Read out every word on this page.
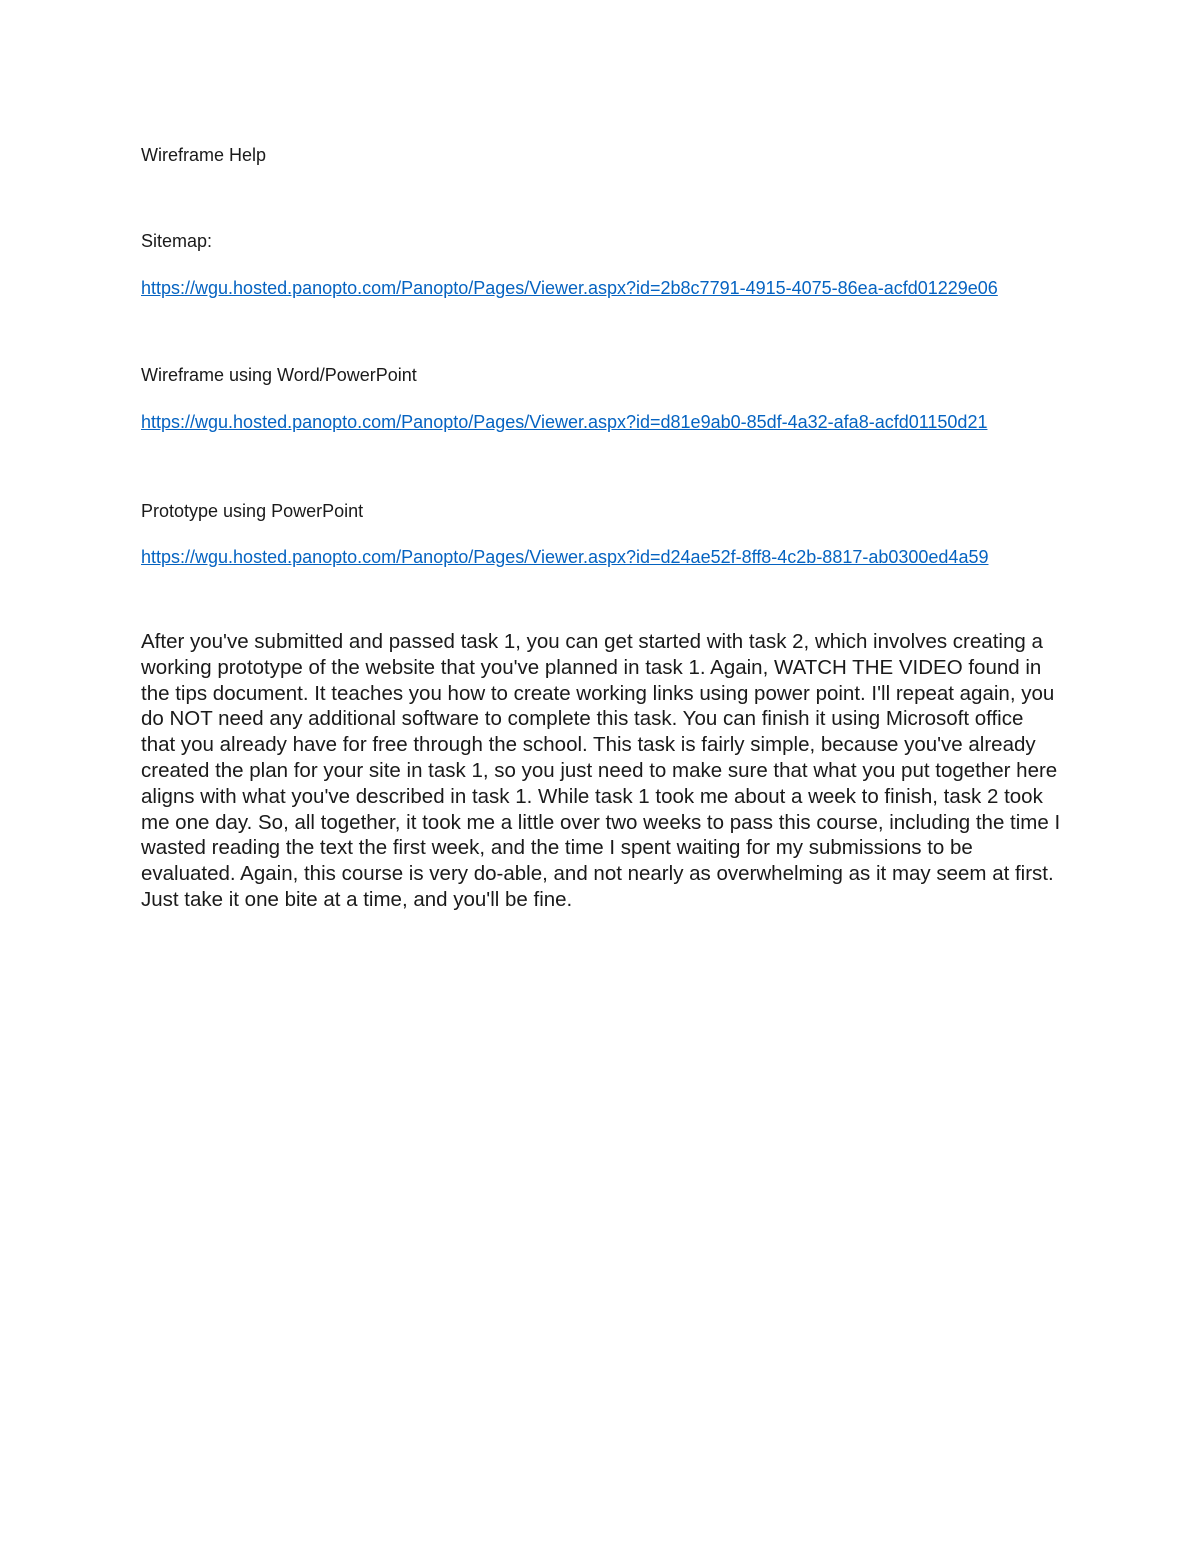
Wireframe Help

Sitemap:

https://wgu.hosted.panopto.com/Panopto/Pages/Viewer.aspx?id=2b8c7791-4915-4075-86ea-acfd01229e06

Wireframe using Word/PowerPoint

https://wgu.hosted.panopto.com/Panopto/Pages/Viewer.aspx?id=d81e9ab0-85df-4a32-afa8-acfd01150d21

Prototype using PowerPoint

https://wgu.hosted.panopto.com/Panopto/Pages/Viewer.aspx?id=d24ae52f-8ff8-4c2b-8817-ab0300ed4a59

After you've submitted and passed task 1, you can get started with task 2, which involves creating a working prototype of the website that you've planned in task 1. Again, WATCH THE VIDEO found in the tips document. It teaches you how to create working links using power point. I'll repeat again, you do NOT need any additional software to complete this task. You can finish it using Microsoft office that you already have for free through the school. This task is fairly simple, because you've already created the plan for your site in task 1, so you just need to make sure that what you put together here aligns with what you've described in task 1. While task 1 took me about a week to finish, task 2 took me one day. So, all together, it took me a little over two weeks to pass this course, including the time I wasted reading the text the first week, and the time I spent waiting for my submissions to be evaluated. Again, this course is very do-able, and not nearly as overwhelming as it may seem at first. Just take it one bite at a time, and you'll be fine.
